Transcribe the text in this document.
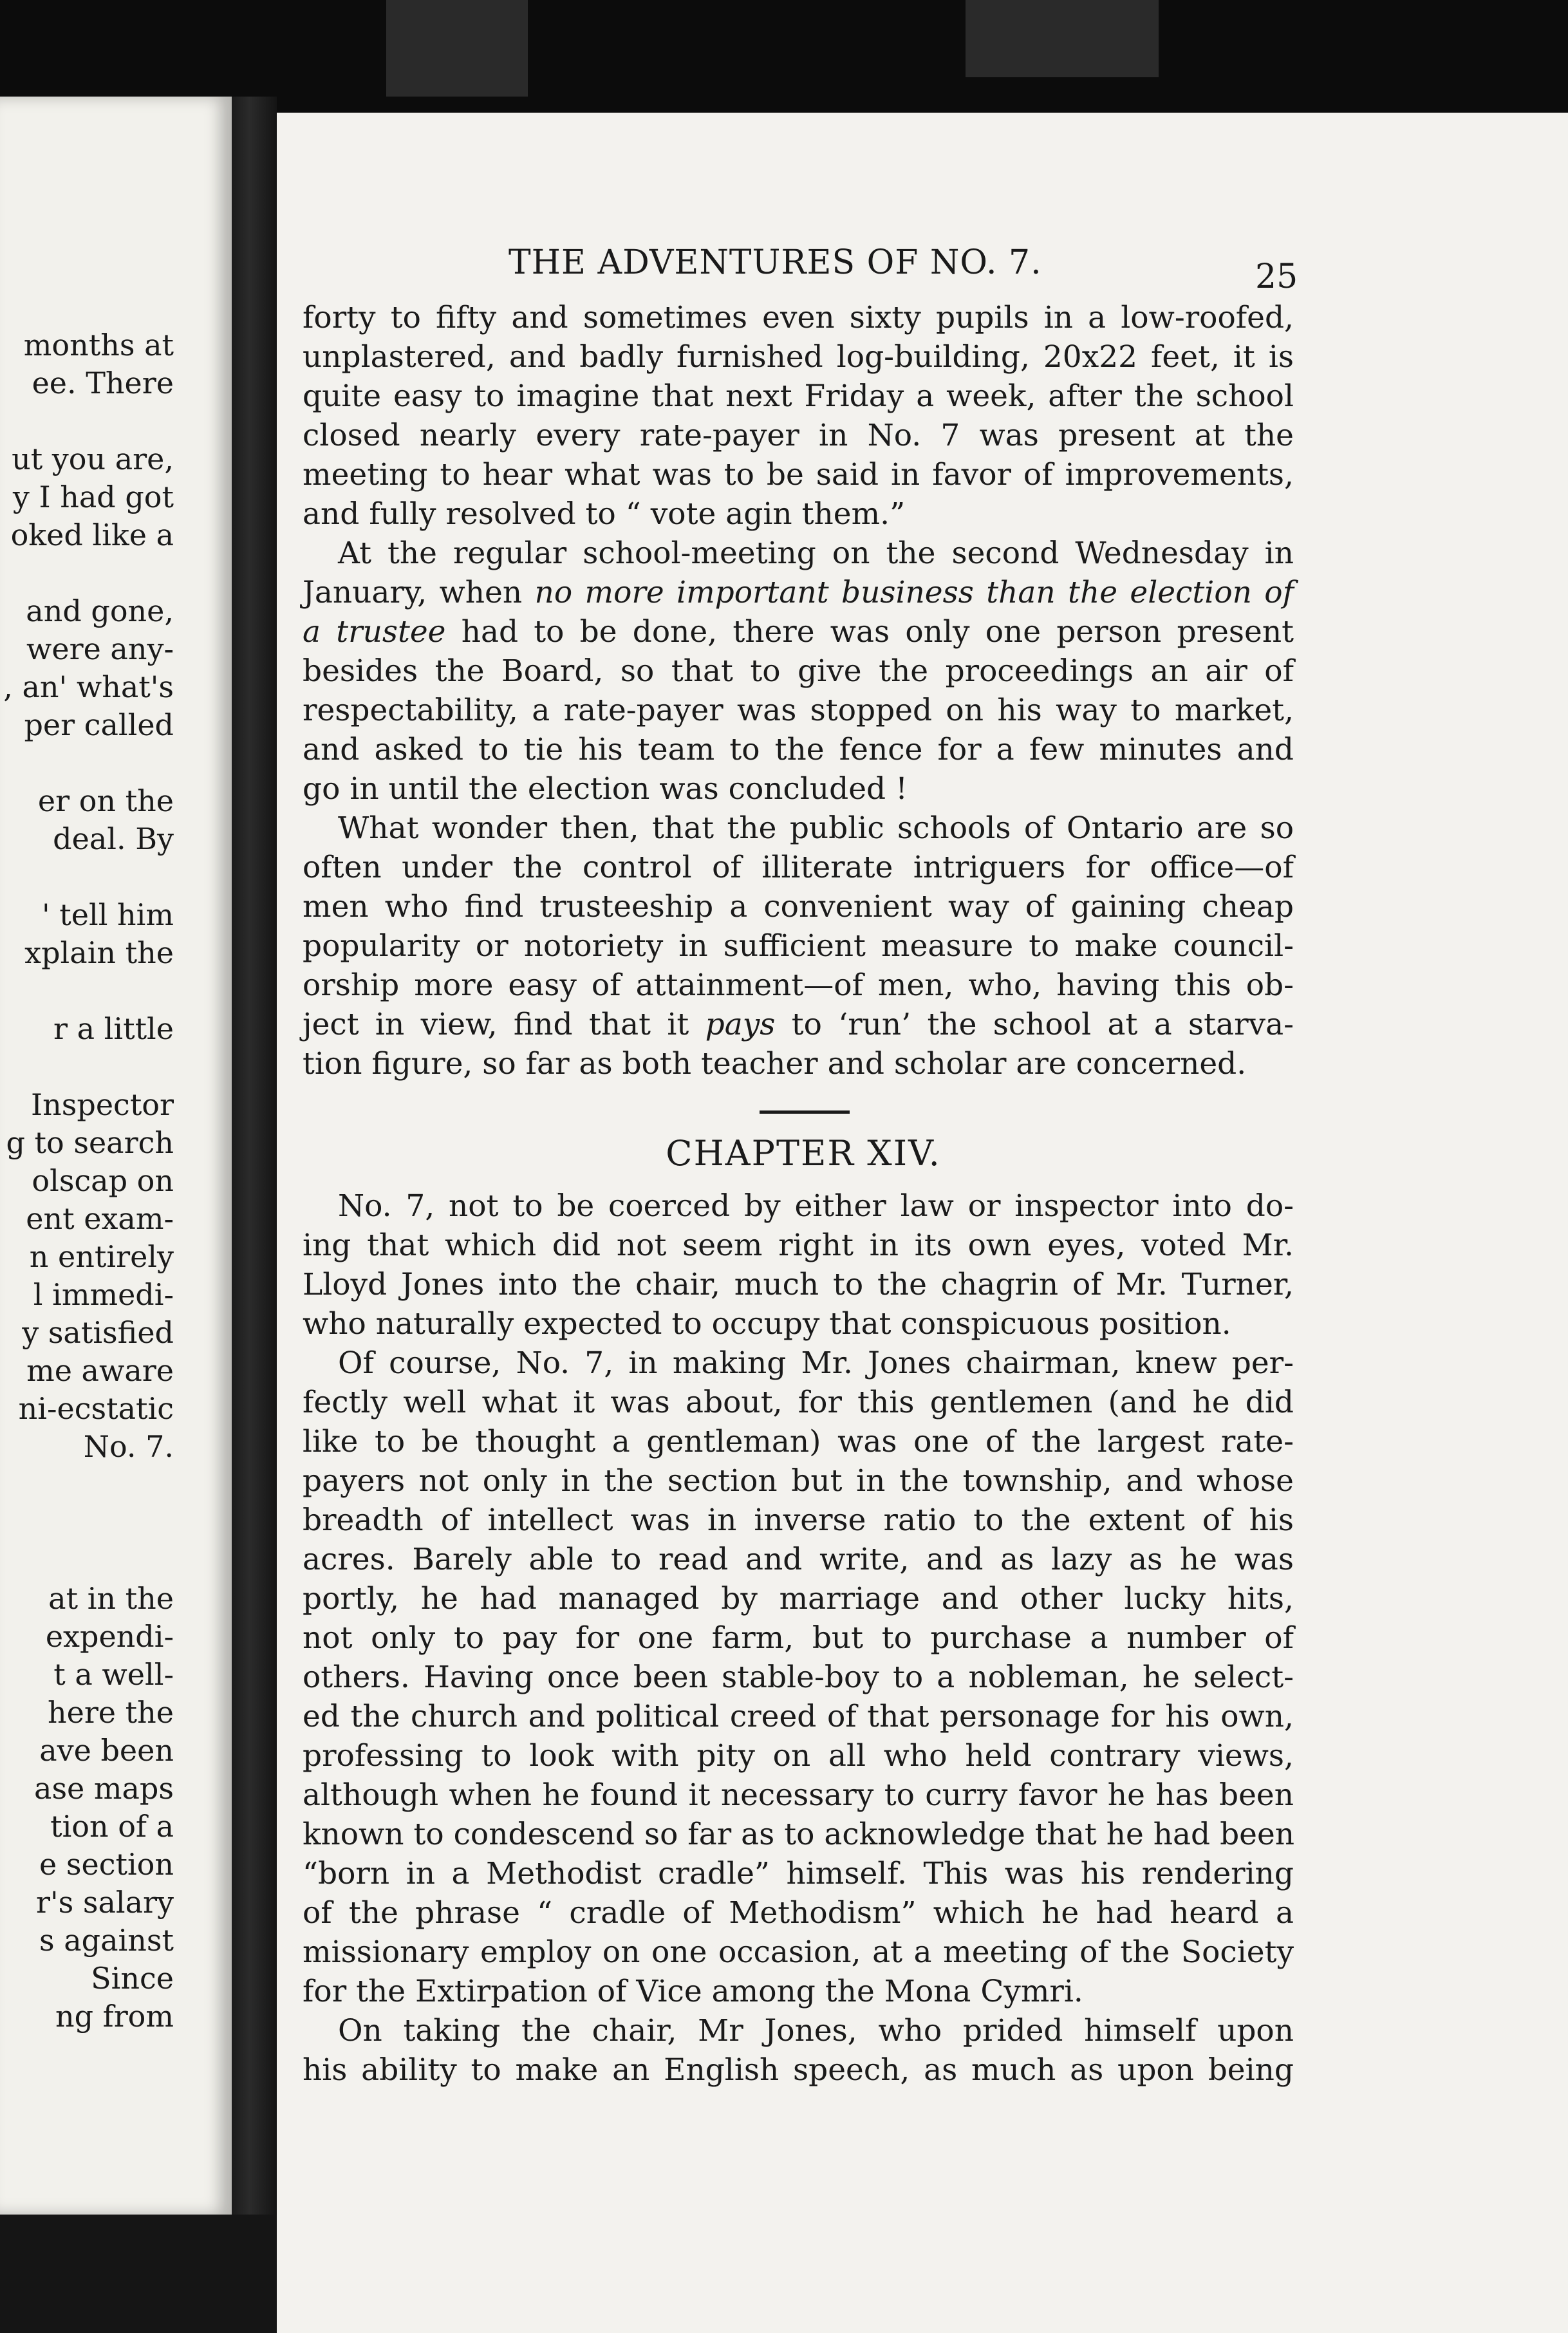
months at
ee. There
ut you are,
y I had got
oked like a
and gone,
were any-
, an' what's
per called
er on the
deal. By
' tell him
xplain the
r a little
Inspector
g to search
olscap on
ent exam-
n entirely
l immedi-
y satisfied
me aware
ni-ecstatic
No. 7.
at in the
expendi-
t a well-
here the
ave been
ase maps
tion of a
e section
r's salary
s against
Since
ng from
THE ADVENTURES OF NO. 7.	25
forty to fifty and sometimes even sixty pupils in a low-roofed,
unplastered, and badly furnished log-building, 20x22 feet, it is
quite easy to imagine that next Friday a week, after the school
closed nearly every rate-payer in No. 7 was present at the
meeting to hear what was to be said in favor of improvements,
and fully resolved to “ vote agin them.”
At the regular school-meeting on the second Wednesday in
January, when no more important business than the election of
a trustee had to be done, there was only one person present
besides the Board, so that to give the proceedings an air of
respectability, a rate-payer was stopped on his way to market,
and asked to tie his team to the fence for a few minutes and
go in until the election was concluded !
What wonder then, that the public schools of Ontario are so
often under the control of illiterate intriguers for office—of
men who find trusteeship a convenient way of gaining cheap
popularity or notoriety in sufficient measure to make council-
orship more easy of attainment—of men, who, having this ob-
ject in view, find that it pays to ‘run’ the school at a starva-
tion figure, so far as both teacher and scholar are concerned.
CHAPTER XIV.
No. 7, not to be coerced by either law or inspector into do-
ing that which did not seem right in its own eyes, voted Mr.
Lloyd Jones into the chair, much to the chagrin of Mr. Turner,
who naturally expected to occupy that conspicuous position.
Of course, No. 7, in making Mr. Jones chairman, knew per-
fectly well what it was about, for this gentlemen (and he did
like to be thought a gentleman) was one of the largest rate-
payers not only in the section but in the township, and whose
breadth of intellect was in inverse ratio to the extent of his
acres. Barely able to read and write, and as lazy as he was
portly, he had managed by marriage and other lucky hits,
not only to pay for one farm, but to purchase a number of
others. Having once been stable-boy to a nobleman, he select-
ed the church and political creed of that personage for his own,
professing to look with pity on all who held contrary views,
although when he found it necessary to curry favor he has been
known to condescend so far as to acknowledge that he had been
“born in a Methodist cradle” himself. This was his rendering
of the phrase “ cradle of Methodism” which he had heard a
missionary employ on one occasion, at a meeting of the Society
for the Extirpation of Vice among the Mona Cymri.
On taking the chair, Mr Jones, who prided himself upon
his ability to make an English speech, as much as upon being
